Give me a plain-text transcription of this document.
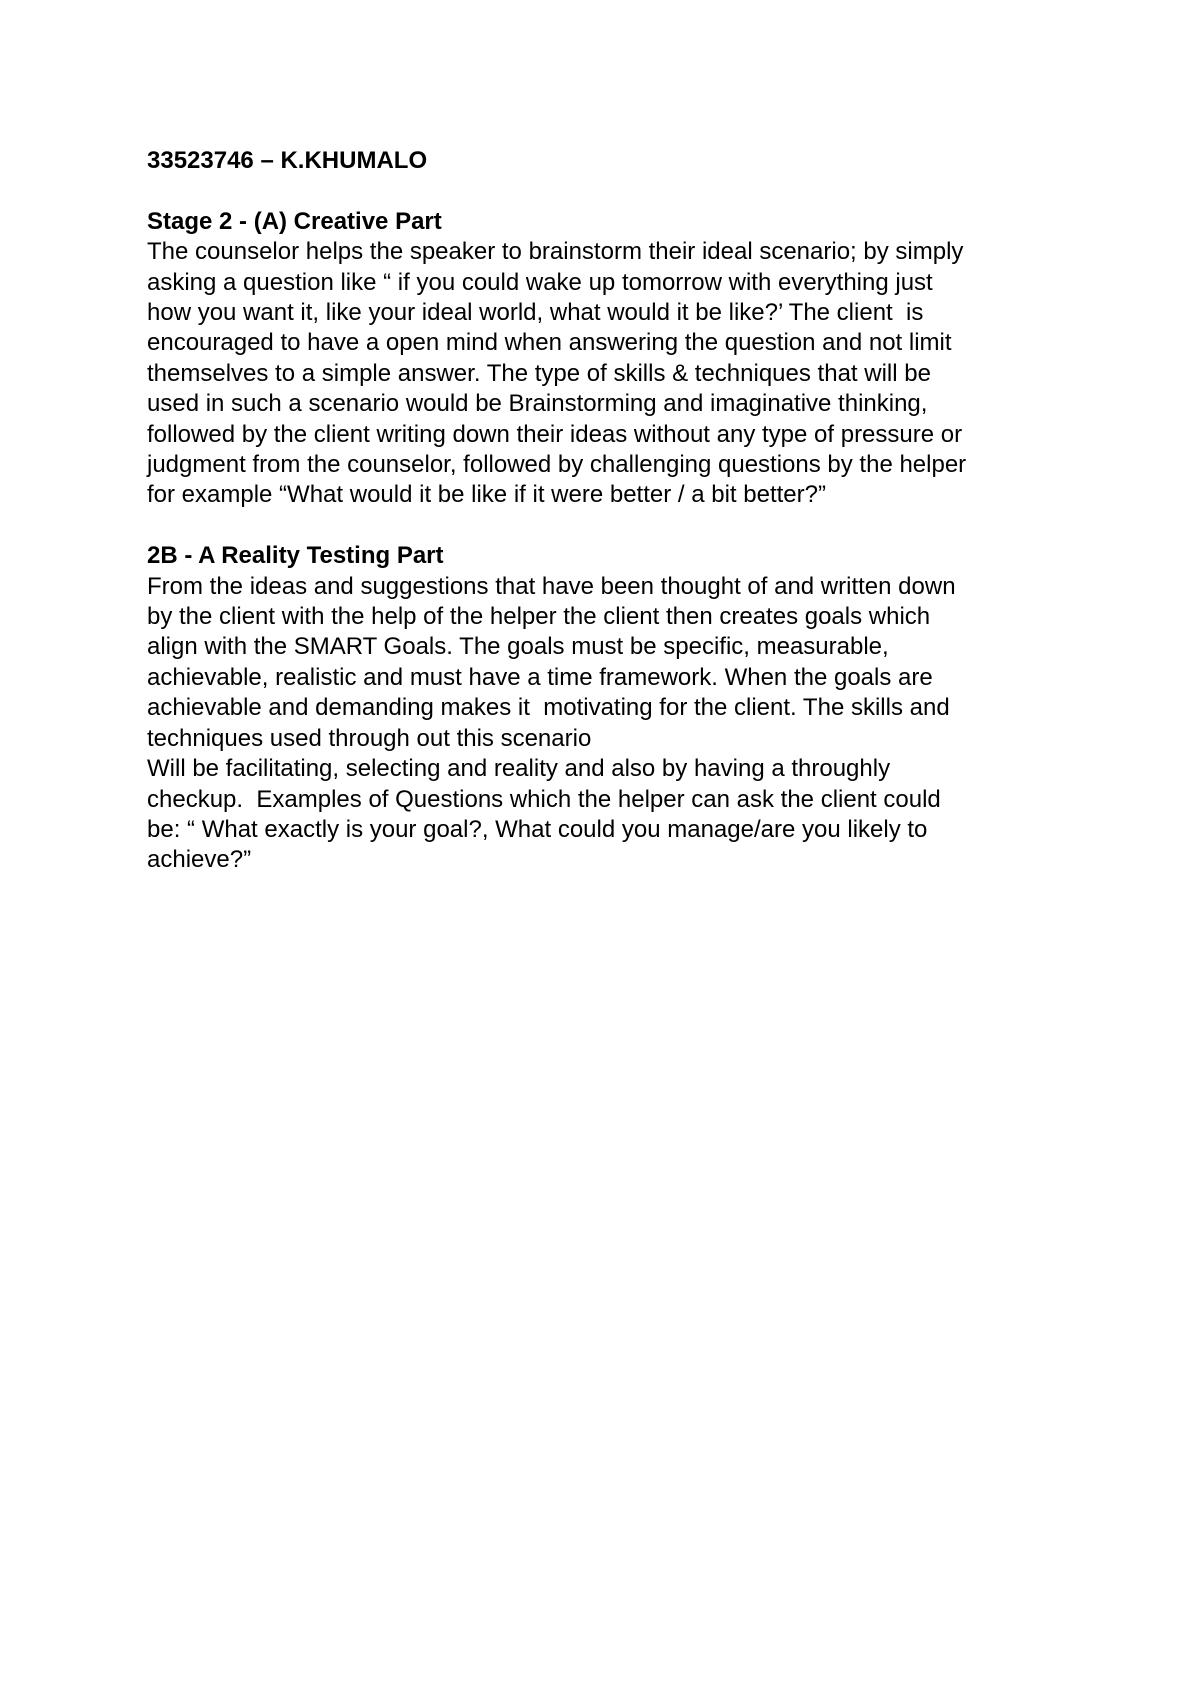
33523746 – K.KHUMALO
Stage 2 - (A) Creative Part
The counselor helps the speaker to brainstorm their ideal scenario; by simply
asking a question like “ if you could wake up tomorrow with everything just
how you want it, like your ideal world, what would it be like?’ The client  is
encouraged to have a open mind when answering the question and not limit
themselves to a simple answer. The type of skills & techniques that will be
used in such a scenario would be Brainstorming and imaginative thinking,
followed by the client writing down their ideas without any type of pressure or
judgment from the counselor, followed by challenging questions by the helper
for example “What would it be like if it were better / a bit better?”
2B - A Reality Testing Part
From the ideas and suggestions that have been thought of and written down
by the client with the help of the helper the client then creates goals which
align with the SMART Goals. The goals must be specific, measurable,
achievable, realistic and must have a time framework. When the goals are
achievable and demanding makes it  motivating for the client. The skills and
techniques used through out this scenario
Will be facilitating, selecting and reality and also by having a throughly
checkup.  Examples of Questions which the helper can ask the client could
be: “ What exactly is your goal?, What could you manage/are you likely to
achieve?”
